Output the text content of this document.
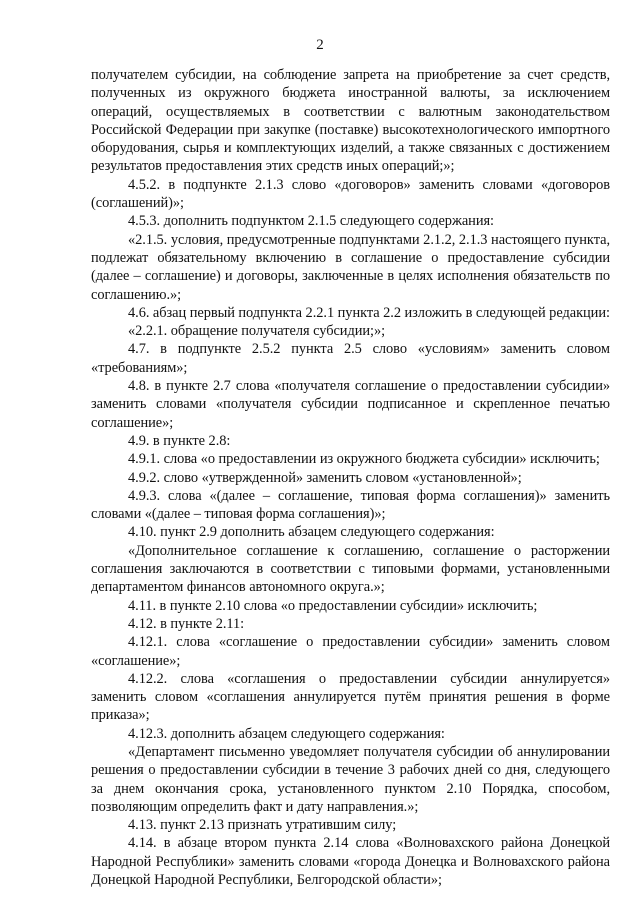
2

получателем субсидии, на соблюдение запрета на приобретение за счет средств, полученных из окружного бюджета иностранной валюты, за исключением операций, осуществляемых в соответствии с валютным законодательством Российской Федерации при закупке (поставке) высокотехнологического импортного оборудования, сырья и комплектующих изделий, а также связанных с достижением результатов предоставления этих средств иных операций;»;

4.5.2. в подпункте 2.1.3 слово «договоров» заменить словами «договоров (соглашений)»;

4.5.3. дополнить подпунктом 2.1.5 следующего содержания:

«2.1.5. условия, предусмотренные подпунктами 2.1.2, 2.1.3 настоящего пункта, подлежат обязательному включению в соглашение о предоставление субсидии (далее – соглашение) и договоры, заключенные в целях исполнения обязательств по соглашению.»;

4.6. абзац первый подпункта 2.2.1 пункта 2.2 изложить в следующей редакции:

«2.2.1. обращение получателя субсидии;»;

4.7. в подпункте 2.5.2 пункта 2.5 слово «условиям» заменить словом «требованиям»;

4.8. в пункте 2.7 слова «получателя соглашение о предоставлении субсидии» заменить словами «получателя субсидии подписанное и скрепленное печатью соглашение»;

4.9. в пункте 2.8:

4.9.1. слова «о предоставлении из окружного бюджета субсидии» исключить;

4.9.2. слово «утвержденной» заменить словом «установленной»;

4.9.3. слова «(далее – соглашение, типовая форма соглашения)» заменить словами «(далее – типовая форма соглашения)»;

4.10. пункт 2.9 дополнить абзацем следующего содержания:

«Дополнительное соглашение к соглашению, соглашение о расторжении соглашения заключаются в соответствии с типовыми формами, установленными департаментом финансов автономного округа.»;

4.11. в пункте 2.10 слова «о предоставлении субсидии» исключить;

4.12. в пункте 2.11:

4.12.1. слова «соглашение о предоставлении субсидии» заменить словом «соглашение»;

4.12.2. слова «соглашения о предоставлении субсидии аннулируется» заменить словом «соглашения аннулируется путём принятия решения в форме приказа»;

4.12.3. дополнить абзацем следующего содержания:

«Департамент письменно уведомляет получателя субсидии об аннулировании решения о предоставлении субсидии в течение 3 рабочих дней со дня, следующего за днем окончания срока, установленного пунктом 2.10 Порядка, способом, позволяющим определить факт и дату направления.»;

4.13. пункт 2.13 признать утратившим силу;

4.14. в абзаце втором пункта 2.14 слова «Волновахского района Донецкой Народной Республики» заменить словами «города Донецка и Волновахского района Донецкой Народной Республики, Белгородской области»;
